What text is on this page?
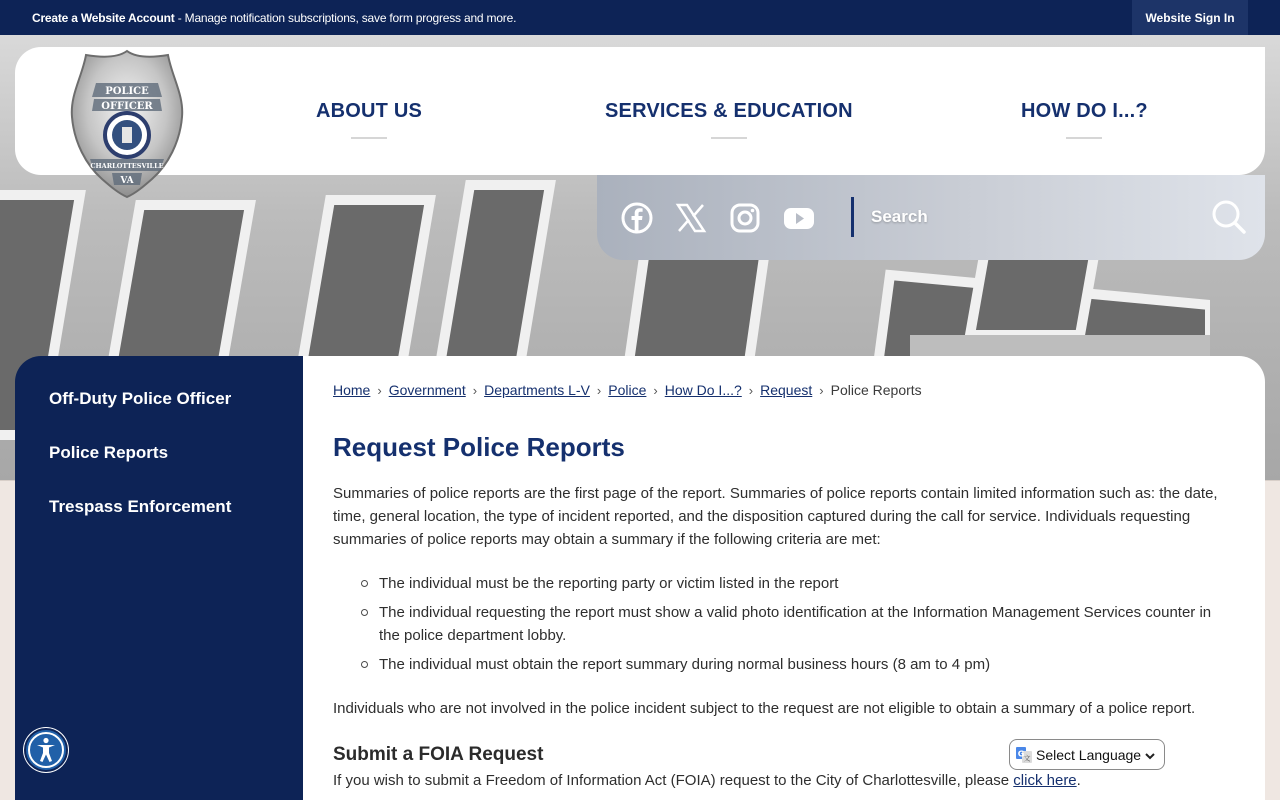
Create a Website Account - Manage notification subscriptions, save form progress and more.	Website Sign In
POLICE
OFFICER
CHARLOTTESVILLE
VA
ABOUT US	SERVICES & EDUCATION	HOW DO I...?
Search
Off-Duty Police Officer
Police Reports
Trespass Enforcement
Home › Government › Departments L-V › Police › How Do I...? › Request › Police Reports
Request Police Reports

Summaries of police reports are the first page of the report. Summaries of police reports contain limited information such as: the date, time, general location, the type of incident reported, and the disposition captured during the call for service. Individuals requesting summaries of police reports may obtain a summary if the following criteria are met:

The individual must be the reporting party or victim listed in the report
The individual requesting the report must show a valid photo identification at the Information Management Services counter in the police department lobby.
The individual must obtain the report summary during normal business hours (8 am to 4 pm)

Individuals who are not involved in the police incident subject to the request are not eligible to obtain a summary of a police report.

Submit a FOIA Request

If you wish to submit a Freedom of Information Act (FOIA) request to the City of Charlottesville, please click here.

G 文 Select Language
